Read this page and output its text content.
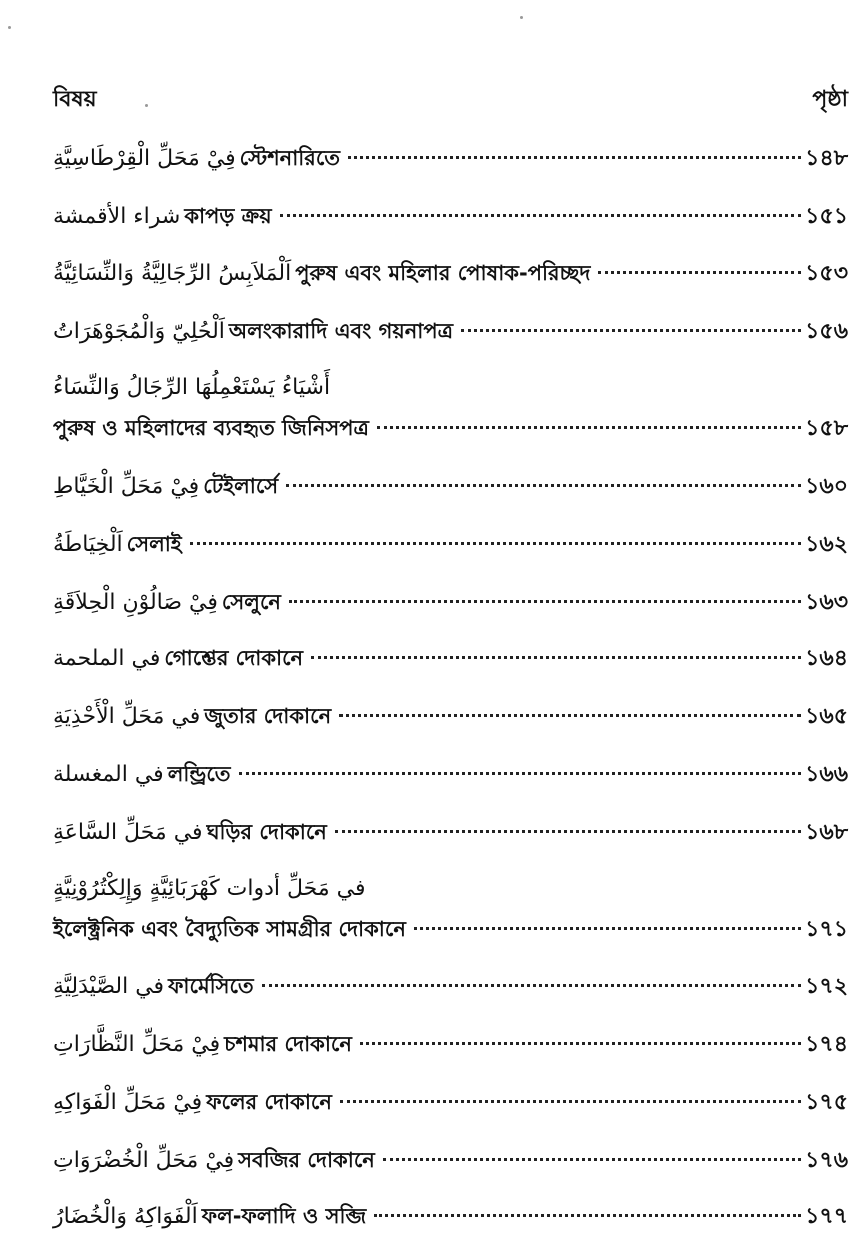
বিষয়	পৃষ্ঠা
فِيْ مَحَلِّ الْقِرْطَاسِيَّةِ স্টেশনারিতে	১৪৮
شراء الأقمشة কাপড় ক্রয়	১৫১
اَلْمَلاَبِسُ الرِّجَالِيَّةُ وَالنِّسَائِيَّةُ পুরুষ এবং মহিলার পোষাক-পরিচ্ছদ	১৫৩
اَلْحُلِيّ وَالْمُجَوْهَرَاتُ অলংকারাদি এবং গয়নাপত্র	১৫৬
أَشْيَاءُ يَسْتَعْمِلُهَا الرِّجَالُ وَالنِّسَاءُ
পুরুষ ও মহিলাদের ব্যবহৃত জিনিসপত্র	১৫৮
فِيْ مَحَلِّ الْخَيَّاطِ টেইলার্সে	১৬০
اَلْخِيَاطَةُ সেলাই	১৬২
فِيْ صَالُوْنِ الْحِلاَقَةِ সেলুনে	১৬৩
في الملحمة গোশ্তের দোকানে	১৬৪
في مَحَلِّ الْأَحْذِيَةِ জুতার দোকানে	১৬৫
في المغسلة লন্ড্রিতে	১৬৬
في مَحَلِّ السَّاعَةِ ঘড়ির দোকানে	১৬৮
في مَحَلِّ أدوات كَهْرَبَائِيَّةٍ وَإِلِكْتُرُوْنِيَّةٍ
ইলেক্ট্রনিক এবং বৈদ্যুতিক সামগ্রীর দোকানে	১৭১
في الصَّيْدَلِيَّةِ ফার্মেসিতে	১৭২
فِيْ مَحَلِّ النَّظَّارَاتِ চশমার দোকানে	১৭৪
فِيْ مَحَلِّ الْفَوَاكِهِ ফলের দোকানে	১৭৫
فِيْ مَحَلِّ الْخُضْرَوَاتِ সবজির দোকানে	১৭৬
اَلْفَوَاكِهُ وَالْخُضَارُ ফল-ফলাদি ও সব্জি	১৭৭
